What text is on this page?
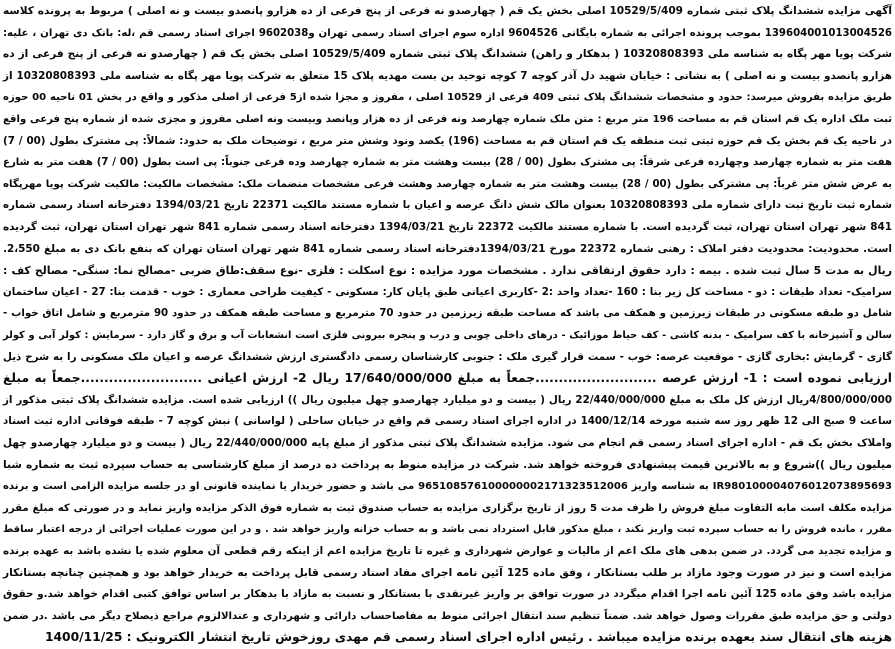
آگهی مزایده ششدانگ پلاک ثبتی شماره 10529/5/409 اصلی بخش یک قم ( چهارصدو نه فرعی از پنج فرعی از ده هزارو پانصدو بیست و نه اصلی ) مربوط به پرونده کلاسه
139604001013004526 بموجب پرونده اجرائی به شماره بایگانی 9604526 اداره سوم اجرای اسناد رسمی تهران و9602038 اجرای اسناد رسمی قم ،له: بانک دی تهران ، علیه:
شرکت پویا مهر پگاه به شناسه ملی 10320808393 ( بدهکار و راهن) ششدانگ پلاک ثبتی شماره 10529/5/409 اصلی بخش یک قم ( چهارصدو نه فرعی از پنج فرعی از ده
هزارو پانصدو بیست و نه اصلی ) به نشانی : خیابان شهید دل آذر کوچه 7 کوچه توحید بن بست مهدیه پلاک 15 متعلق به شرکت پویا مهر پگاه به شناسه ملی 10320808393 از
طریق مزایده بفروش میرسد: حدود و مشخصات ششدانگ پلاک ثبتی 409 فرعی از 10529 اصلی ، مفروز و مجزا شده از5 فرعی از اصلی مذکور و واقع در بخش 01 ناحیه 00 حوزه
ثبت ملک اداره یک قم استان قم به مساحت 196 متر مربع : متن ملک شماره چهارصد ونه فرعی از ده هزار وپانصد وبیست ونه اصلی مفروز و مجزی شده از شماره پنج فرعی واقع
در ناحیه یک قم بخش یک قم حوزه ثبتی ثبت منطقه یک قم استان قم به مساحت (196) یکصد ونود وشش متر مربع ، توضیحات ملک به حدود: شمالاً: پی مشترک بطول (00 / 7)
هفت متر به شماره چهارصد وچهارده فرعی شرقاً: پی مشترک بطول (00 / 28) بیست وهشت متر به شماره چهارصد وده فرعی جنوباً: پی است بطول (00 / 7) هفت متر به شارع
به عرض شش متر غرباً: پی مشترکی بطول (00 / 28) بیست وهشت متر به شماره چهارصد وهشت فرعی مشخصات منضمات ملک: مشخصات مالکیت: مالکیت شرکت پویا مهرپگاه
شماره ثبت تاریخ ثبت دارای شماره ملی 10320808393 بعنوان مالک شش دانگ عرصه و اعیان با شماره مستند مالکیت 22371 تاریخ 1394/03/21 دفترخانه اسناد رسمی شماره
841 شهر تهران استان تهران، ثبت گردیده است. با شماره مستند مالکیت 22372 تاریخ 1394/03/21 دفترخانه اسناد رسمی شماره 841 شهر تهران استان تهران، ثبت گردیده
است. محدودیت: محدودیت دفتر املاک : رهنی شماره 22372 مورخ 1394/03/21دفترخانه اسناد رسمی شماره 841 شهر تهران استان تهران که بنفع بانک دی به مبلغ 2،550.
ریال به مدت 5 سال ثبت شده . بیمه : دارد حقوق ارتفاقی ندارد . مشخصات مورد مزایده : نوع اسکلت : فلزی -نوع سقف:طاق ضربی -مصالح نما: سنگی- مصالح کف :
سرامیک- تعداد طبقات : دو - مساحت کل زیر بنا : 160 -تعداد واحد :2 -کاربری اعیانی طبق پایان کار: مسکونی - کیفیت طراحی معماری : خوب - قدمت بنا: 27 - اعیان ساختمان
شامل دو طبقه مسکونی در طبقات زیرزمین و همکف می باشد که مساحت طبقه زیرزمین در حدود 70 مترمربع و مساحت طبقه همکف در حدود 90 مترمربع و شامل اتاق خواب -
سالن و آشپزخانه با کف سرامیک - بدنه کاشی - کف حیاط موزائیک - درهای داخلی چوبی و درب و پنجره بیرونی فلزی است انشعابات آب و برق و گاز دارد - سرمایش : کولر آبی و کولر
گازی - گرمایش :بخاری گازی - موقعیت عرصه: خوب - سمت قرار گیری ملک : جنوبی کارشناسان رسمی دادگستری ارزش ششدانگ عرصه و اعیان ملک مسکونی را به شرح ذیل
ارزیابی نموده است : 1- ارزش عرصه ..........................جمعاً به مبلغ 17/640/000/000 ریال 2- ارزش اعیانی ..........................جمعاً به مبلغ
4/800/000/000ریال ارزش کل ملک به مبلغ 22/440/000/000 ریال ( بیست و دو میلیارد چهارصدو چهل میلیون ریال )) ارزیابی شده است. مزایده ششدانگ پلاک ثبتی مذکور از
ساعت 9 صبح الی 12 ظهر روز سه شنبه مورخه 1400/12/14 در اداره اجرای اسناد رسمی قم واقع در خیابان ساحلی ( لواسانی ) نبش کوچه 7 - طبقه فوقانی اداره ثبت اسناد
واملاک بخش یک قم - اداره اجرای اسناد رسمی قم انجام می شود. مزایده ششدانگ پلاک ثبتی مذکور از مبلغ پایه 22/440/000/000 ریال ( بیست و دو میلیارد چهارصدو چهل
میلیون ریال ))شروع و به بالاترین قیمت پیشنهادی فروخته خواهد شد. شرکت در مزایده منوط به پرداخت ده درصد از مبلغ کارشناسی به حساب سپرده ثبت به شماره شبا
IR980100004076012073895693 به شناسه واریز 965108576100000002171323512006 می باشد و حضور خریدار یا نماینده قانونی او در جلسه مزایده الزامی است و برنده
مزایده مکلف است مابه التفاوت مبلغ فروش را ظرف مدت 5 روز از تاریخ برگزاری مزایده به حساب صندوق ثبت به شماره فوق الذکر مزایده واریز نماید و در صورتی که مبلغ مقرر
مقرر ، مانده فروش را به حساب سپرده ثبت واریز نکند ، مبلغ مذکور قابل استرداد نمی باشد و به حساب خزانه واریز خواهد شد . و در این صورت عملیات اجرائی از درجه اعتبار ساقط
و مزایده تجدید می گردد. در ضمن بدهی های ملک اعم از مالیات و عوارض شهرداری و غیره تا تاریخ مزایده اعم از اینکه رقم قطعی آن معلوم شده یا نشده باشد به عهده برنده
مزایده است و نیز در صورت وجود مازاد بر طلب بستانکار ، وفق ماده 125 آئین نامه اجرای مفاد اسناد رسمی قابل پرداخت به خریدار خواهد بود و همچنین چنانچه بستانکار
مزایده باشد وفق ماده 125 آئین نامه اجرا اقدام میگردد در صورت توافق بر واریز غیرنقدی با بستانکار و نسبت به مازاد با بدهکار بر اساس توافق کتبی اقدام خواهد شد.و حقوق
دولتی و حق مزایده طبق مقررات وصول خواهد شد. ضمناً تنظیم سند انتقال اجرائی منوط به مفاصاحساب دارائی و شهرداری و عندالالزوم مراجع ذیصلاح دیگر می باشد .در ضمن
هزینه های انتقال سند بعهده برنده مزایده میباشد . رئیس اداره اجرای اسناد رسمی قم مهدی روزخوش تاریخ انتشار الکترونیک : 1400/11/25
